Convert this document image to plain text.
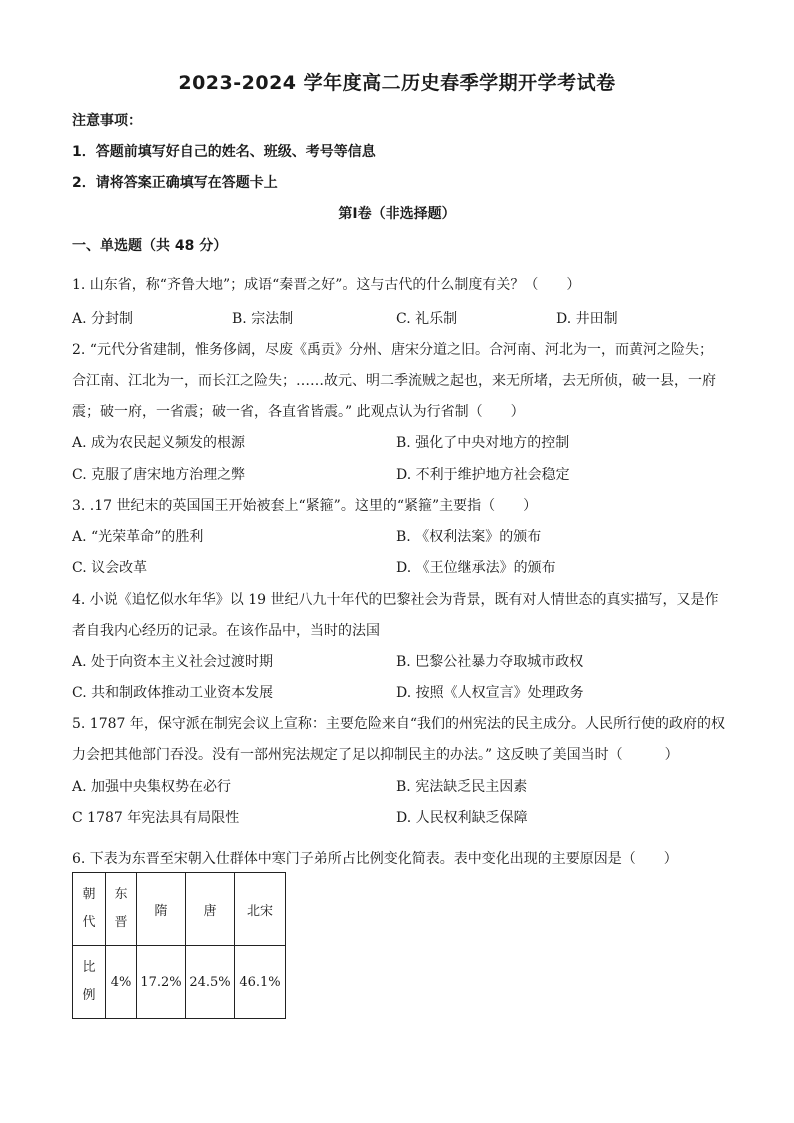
2023-2024 学年度高二历史春季学期开学考试卷
注意事项：
1．答题前填写好自己的姓名、班级、考号等信息
2．请将答案正确填写在答题卡上
第Ⅰ卷（非选择题）
一、单选题（共 48 分）
1. 山东省，称“齐鲁大地”；成语“秦晋之好”。这与古代的什么制度有关？（　　）
A. 分封制	B. 宗法制	C. 礼乐制	D. 井田制
2. “元代分省建制，惟务侈阔，尽废《禹贡》分州、唐宋分道之旧。合河南、河北为一，而黄河之险失；
合江南、江北为一，而长江之险失；……故元、明二季流贼之起也，来无所堵，去无所侦，破一县，一府
震；破一府，一省震；破一省，各直省皆震。” 此观点认为行省制（　　）
A. 成为农民起义频发的根源	B. 强化了中央对地方的控制
C. 克服了唐宋地方治理之弊	D. 不利于维护地方社会稳定
3. .17 世纪末的英国国王开始被套上“紧箍”。这里的“紧箍”主要指（　　）
A. “光荣革命”的胜利	B. 《权利法案》的颁布
C. 议会改革	D. 《王位继承法》的颁布
4. 小说《追忆似水年华》以 19 世纪八九十年代的巴黎社会为背景，既有对人情世态的真实描写，又是作
者自我内心经历的记录。在该作品中，当时的法国
A. 处于向资本主义社会过渡时期	B. 巴黎公社暴力夺取城市政权
C. 共和制政体推动工业资本发展	D. 按照《人权宣言》处理政务
5. 1787 年，保守派在制宪会议上宣称：主要危险来自“我们的州宪法的民主成分。人民所行使的政府的权
力会把其他部门吞没。没有一部州宪法规定了足以抑制民主的办法。” 这反映了美国当时（　　　）
A. 加强中央集权势在必行	B. 宪法缺乏民主因素
C 1787 年宪法具有局限性	D. 人民权利缺乏保障
6. 下表为东晋至宋朝入仕群体中寒门子弟所占比例变化简表。表中变化出现的主要原因是（　　）
朝代	东晋	隋	唐	北宋
比例	4%	17.2%	24.5%	46.1%
